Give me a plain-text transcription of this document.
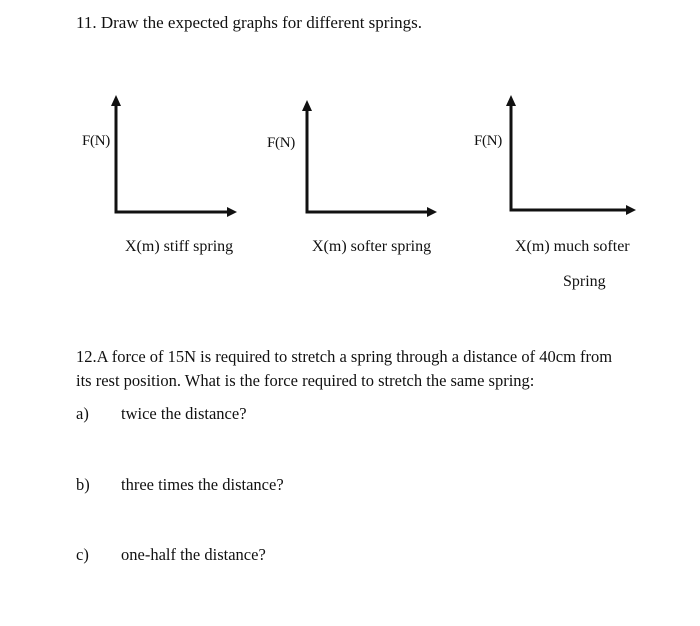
11. Draw the expected graphs for different springs.
F(N)
X(m) stiff spring
F(N)
X(m) softer spring
F(N)
X(m) much softer
Spring

12.A force of 15N is required to stretch a spring through a distance of 40cm from

its rest position. What is the force required to stretch the same spring:

a) twice the distance?
b) three times the distance?
c) one-half the distance?
